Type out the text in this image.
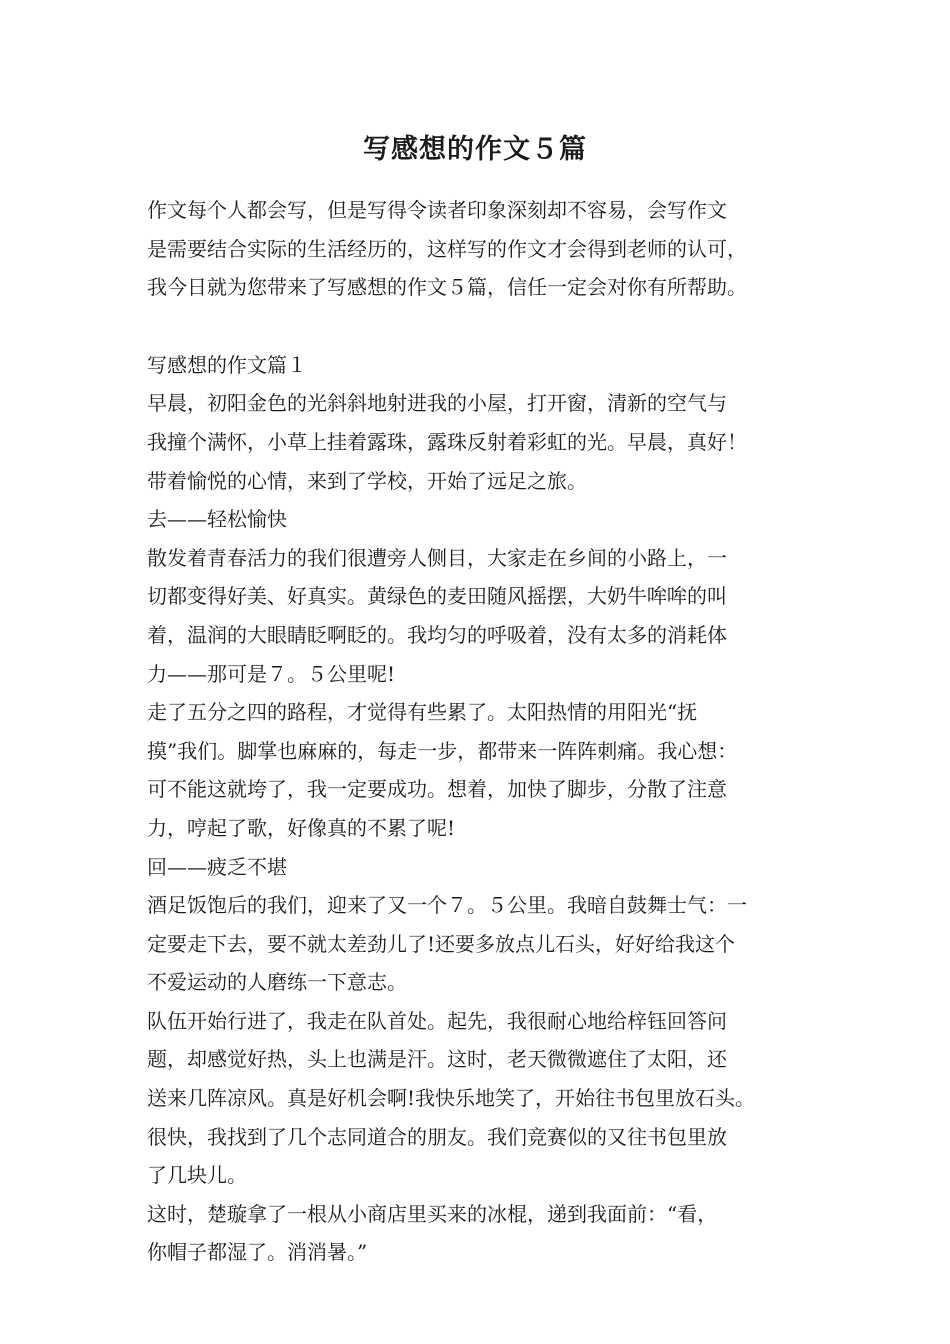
写感想的作文５篇

作文每个人都会写，但是写得令读者印象深刻却不容易，会写作文

是需要结合实际的生活经历的，这样写的作文才会得到老师的认可，

我今日就为您带来了写感想的作文５篇，信任一定会对你有所帮助。

写感想的作文篇１

早晨，初阳金色的光斜斜地射进我的小屋，打开窗，清新的空气与

我撞个满怀，小草上挂着露珠，露珠反射着彩虹的光。早晨，真好！

带着愉悦的心情，来到了学校，开始了远足之旅。

去——轻松愉快

散发着青春活力的我们很遭旁人侧目，大家走在乡间的小路上，一

切都变得好美、好真实。黄绿色的麦田随风摇摆，大奶牛哞哞的叫

着，温润的大眼睛眨啊眨的。我均匀的呼吸着，没有太多的消耗体

力——那可是７。５公里呢!

走了五分之四的路程，才觉得有些累了。太阳热情的用阳光“抚

摸”我们。脚掌也麻麻的，每走一步，都带来一阵阵刺痛。我心想：

可不能这就垮了，我一定要成功。想着，加快了脚步，分散了注意

力，哼起了歌，好像真的不累了呢!

回——疲乏不堪

酒足饭饱后的我们，迎来了又一个７。５公里。我暗自鼓舞士气：一

定要走下去，要不就太差劲儿了!还要多放点儿石头，好好给我这个

不爱运动的人磨练一下意志。

队伍开始行进了，我走在队首处。起先，我很耐心地给梓钰回答问

题，却感觉好热，头上也满是汗。这时，老天微微遮住了太阳，还

送来几阵凉风。真是好机会啊!我快乐地笑了，开始往书包里放石头。

很快，我找到了几个志同道合的朋友。我们竞赛似的又往书包里放

了几块儿。

这时，楚璇拿了一根从小商店里买来的冰棍，递到我面前：“看，

你帽子都湿了。消消暑。”
